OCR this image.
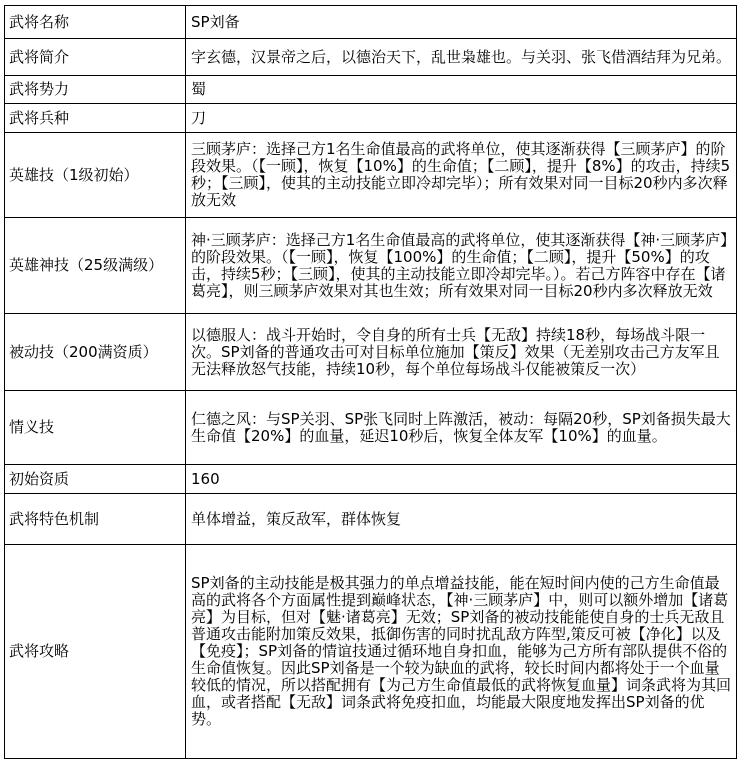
武将名称	SP刘备
武将简介	字玄德，汉景帝之后，以德治天下，乱世枭雄也。与关羽、张飞借酒结拜为兄弟。
武将势力	蜀
武将兵种	刀
英雄技（1级初始）	三顾茅庐：选择己方1名生命值最高的武将单位，使其逐渐获得【三顾茅庐】的阶段效果。（【一顾】，恢复【10%】的生命值；【二顾】，提升【8%】的攻击，持续5秒；【三顾】，使其的主动技能立即冷却完毕）；所有效果对同一目标20秒内多次释放无效
英雄神技（25级满级）	神·三顾茅庐：选择己方1名生命值最高的武将单位，使其逐渐获得【神·三顾茅庐】的阶段效果。（【一顾】，恢复【100%】的生命值；【二顾】，提升【50%】的攻击，持续5秒；【三顾】，使其的主动技能立即冷却完毕。）。若己方阵容中存在【诸葛亮】，则三顾茅庐效果对其也生效；所有效果对同一目标20秒内多次释放无效
被动技（200满资质）	以德服人：战斗开始时，令自身的所有士兵【无敌】持续18秒，每场战斗限一次。SP刘备的普通攻击可对目标单位施加【策反】效果（无差别攻击己方友军且无法释放怒气技能，持续10秒，每个单位每场战斗仅能被策反一次）
情义技	仁德之风：与SP关羽、SP张飞同时上阵激活，被动：每隔20秒，SP刘备损失最大生命值【20%】的血量，延迟10秒后，恢复全体友军【10%】的血量。
初始资质	160
武将特色机制	单体增益，策反敌军，群体恢复
武将攻略	SP刘备的主动技能是极其强力的单点增益技能，能在短时间内使的己方生命值最高的武将各个方面属性提到巅峰状态，【神·三顾茅庐】中，则可以额外增加【诸葛亮】为目标，但对【魅·诸葛亮】无效；SP刘备的被动技能能使自身的士兵无敌且普通攻击能附加策反效果，抵御伤害的同时扰乱敌方阵型,策反可被【净化】以及【免疫】；SP刘备的情谊技通过循环地自身扣血，能够为己方所有部队提供不俗的生命值恢复。因此SP刘备是一个较为缺血的武将，较长时间内都将处于一个血量较低的情况，所以搭配拥有【为己方生命值最低的武将恢复血量】词条武将为其回血，或者搭配【无敌】词条武将免疫扣血，均能最大限度地发挥出SP刘备的优势。
